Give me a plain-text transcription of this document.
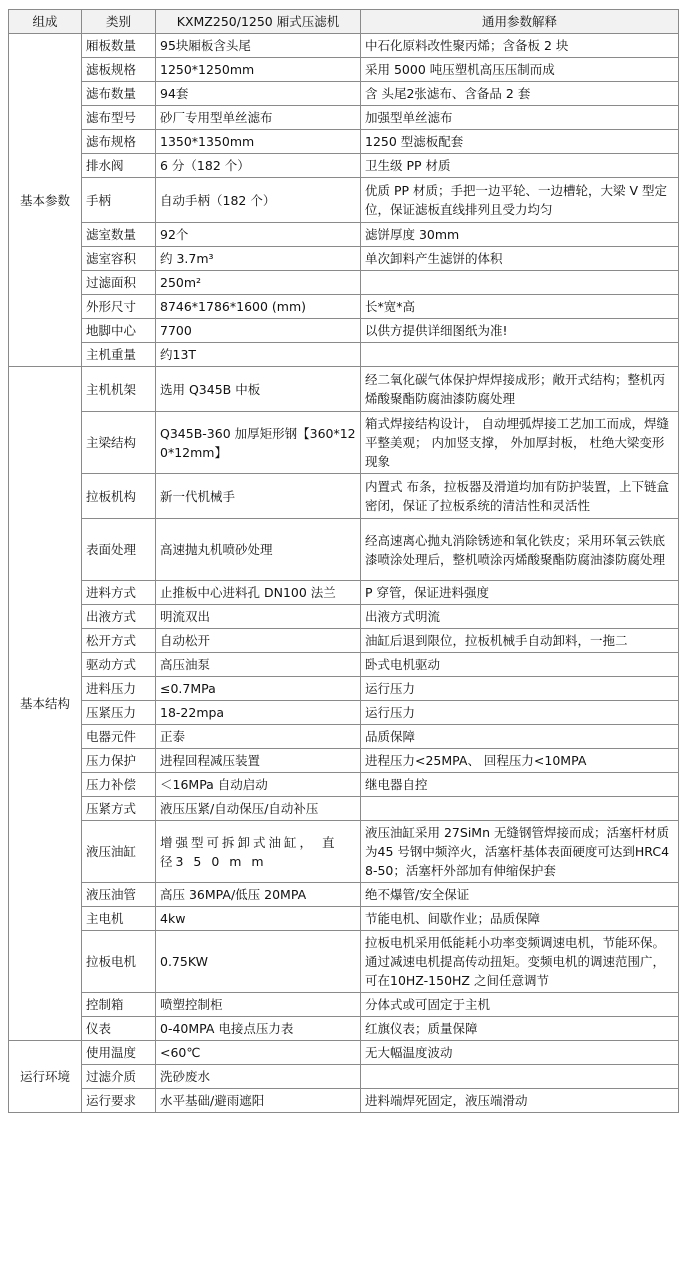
组成	类别	KXMZ250/1250 厢式压滤机	通用参数解释
基本参数	厢板数量	95块厢板含头尾	中石化原料改性聚丙烯；含备板 2 块
	滤板规格	1250*1250mm	采用 5000 吨压塑机高压压制而成
	滤布数量	94套	含 头尾2张滤布、含备品 2 套
	滤布型号	砂厂专用型单丝滤布	加强型单丝滤布
	滤布规格	1350*1350mm	1250 型滤板配套
	排水阀	6 分（182 个）	卫生级 PP 材质
	手柄	自动手柄（182 个）	优质 PP 材质；手把一边平轮、一边槽轮，大梁 V 型定位，保证滤板直线排列且受力均匀
	滤室数量	92个	滤饼厚度 30mm
	滤室容积	约 3.7m³	单次卸料产生滤饼的体积
	过滤面积	250m²	
	外形尺寸	8746*1786*1600 (mm)	长*宽*高
	地脚中心	7700	以供方提供详细图纸为准!
	主机重量	约13T	
基本结构	主机机架	选用 Q345B 中板	经二氧化碳气体保护焊焊接成形；敞开式结构；整机丙 烯酸聚酯防腐油漆防腐处理
	主梁结构	Q345B-360 加厚矩形钢【360*120*12mm】	箱式焊接结构设计， 自动埋弧焊接工艺加工而成，焊缝平整美观； 内加竖支撑， 外加厚封板， 杜绝大梁变形现象
	拉板机构	新一代机械手	内置式 布条，拉板器及滑道均加有防护装置，上下链盒 密闭，保证了拉板系统的清洁性和灵活性
	表面处理	高速抛丸机喷砂处理	经高速离心抛丸消除锈迹和氧化铁皮；采用环氧云铁底 漆喷涂处理后，整机喷涂丙烯酸聚酯防腐油漆防腐处理
	进料方式	止推板中心进料孔 DN100 法兰	P 穿管，保证进料强度
	出液方式	明流双出	出液方式明流
	松开方式	自动松开	油缸后退到限位，拉板机械手自动卸料，一拖二
	驱动方式	高压油泵	卧式电机驱动
	进料压力	≤0.7MPa	运行压力
	压紧压力	18-22mpa	运行压力
	电器元件	正泰	品质保障
	压力保护	进程回程减压装置	进程压力<25MPA、 回程压力<10MPA
	压力补偿	＜16MPa 自动启动	继电器自控
	压紧方式	液压压紧/自动保压/自动补压	
	液压油缸	增强型可拆卸式油缸， 直 径3 5 0 m m	液压油缸采用 27SiMn 无缝钢管焊接而成；活塞杆材质为45 号钢中频淬火，活塞杆基体表面硬度可达到HRC48-50；活塞杆外部加有伸缩保护套
	液压油管	高压 36MPA/低压 20MPA	绝不爆管/安全保证
	主电机	4kw	节能电机、间歇作业；品质保障
	拉板电机	0.75KW	拉板电机采用低能耗小功率变频调速电机，节能环保。 通过减速电机提高传动扭矩。变频电机的调速范围广， 可在10HZ-150HZ 之间任意调节
	控制箱	喷塑控制柜	分体式或可固定于主机
	仪表	0-40MPA 电接点压力表	红旗仪表；质量保障
运行环境	使用温度	<60℃	无大幅温度波动
	过滤介质	洗砂废水	
	运行要求	水平基础/避雨遮阳	进料端焊死固定，液压端滑动
